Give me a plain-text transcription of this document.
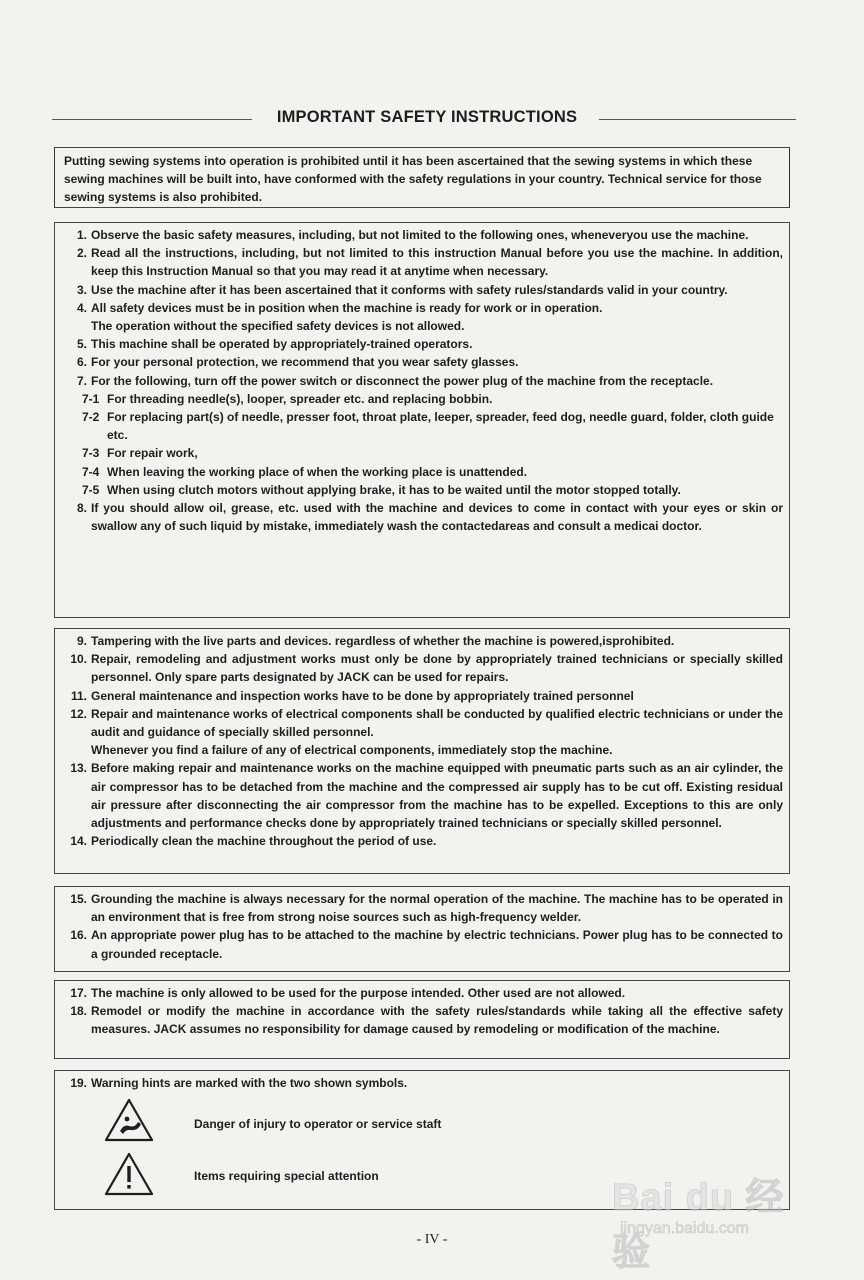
IMPORTANT SAFETY INSTRUCTIONS

Putting sewing systems into operation is prohibited until it has been ascertained that the sewing systems in which these sewing machines will be built into, have conformed with the safety regulations in your country. Technical service for those sewing systems is also prohibited.

1. Observe the basic safety measures, including, but not limited to the following ones, wheneveryou use the machine.
2. Read all the instructions, including, but not limited to this instruction Manual before you use the machine. In addition, keep this Instruction Manual so that you may read it at anytime when necessary.
3. Use the machine after it has been ascertained that it conforms with safety rules/standards valid in your country.
4. All safety devices must be in position when the machine is ready for work or in operation.
The operation without the specified safety devices is not allowed.
5. This machine shall be operated by appropriately-trained operators.
6. For your personal protection, we recommend that you wear safety glasses.
7. For the following, turn off the power switch or disconnect the power plug of the machine from the receptacle.
7-1 For threading needle(s), looper, spreader etc. and replacing bobbin.
7-2 For replacing part(s) of needle, presser foot, throat plate, leeper, spreader, feed dog, needle guard, folder, cloth guide etc.
7-3 For repair work,
7-4 When leaving the working place of when the working place is unattended.
7-5 When using clutch motors without applying brake, it has to be waited until the motor stopped totally.
8. If you should allow oil, grease, etc. used with the machine and devices to come in contact with your eyes or skin or swallow any of such liquid by mistake, immediately wash the contactedareas and consult a medicai doctor.
9. Tampering with the live parts and devices. regardless of whether the machine is powered,isprohibited.
10. Repair, remodeling and adjustment works must only be done by appropriately trained technicians or specially skilled personnel. Only spare parts designated by JACK can be used for repairs.
11. General maintenance and inspection works have to be done by appropriately trained personnel
12. Repair and maintenance works of electrical components shall be conducted by qualified electric technicians or under the audit and guidance of specially skilled personnel.
Whenever you find a failure of any of electrical components, immediately stop the machine.
13. Before making repair and maintenance works on the machine equipped with pneumatic parts such as an air cylinder, the air compressor has to be detached from the machine and the compressed air supply has to be cut off. Existing residual air pressure after disconnecting the air compressor from the machine has to be expelled. Exceptions to this are only adjustments and performance checks done by appropriately trained technicians or specially skilled personnel.
14. Periodically clean the machine throughout the period of use.
15. Grounding the machine is always necessary for the normal operation of the machine. The machine has to be operated in an environment that is free from strong noise sources such as high-frequency welder.
16. An appropriate power plug has to be attached to the machine by electric technicians. Power plug has to be connected to a grounded receptacle.
17. The machine is only allowed to be used for the purpose intended. Other used are not allowed.
18. Remodel or modify the machine in accordance with the safety rules/standards while taking all the effective safety measures. JACK assumes no responsibility for damage caused by remodeling or modification of the machine.
19. Warning hints are marked with the two shown symbols.
Danger of injury to operator or service staft
Items requiring special attention
- IV -
Bai du 经验
jingyan.baidu.com
